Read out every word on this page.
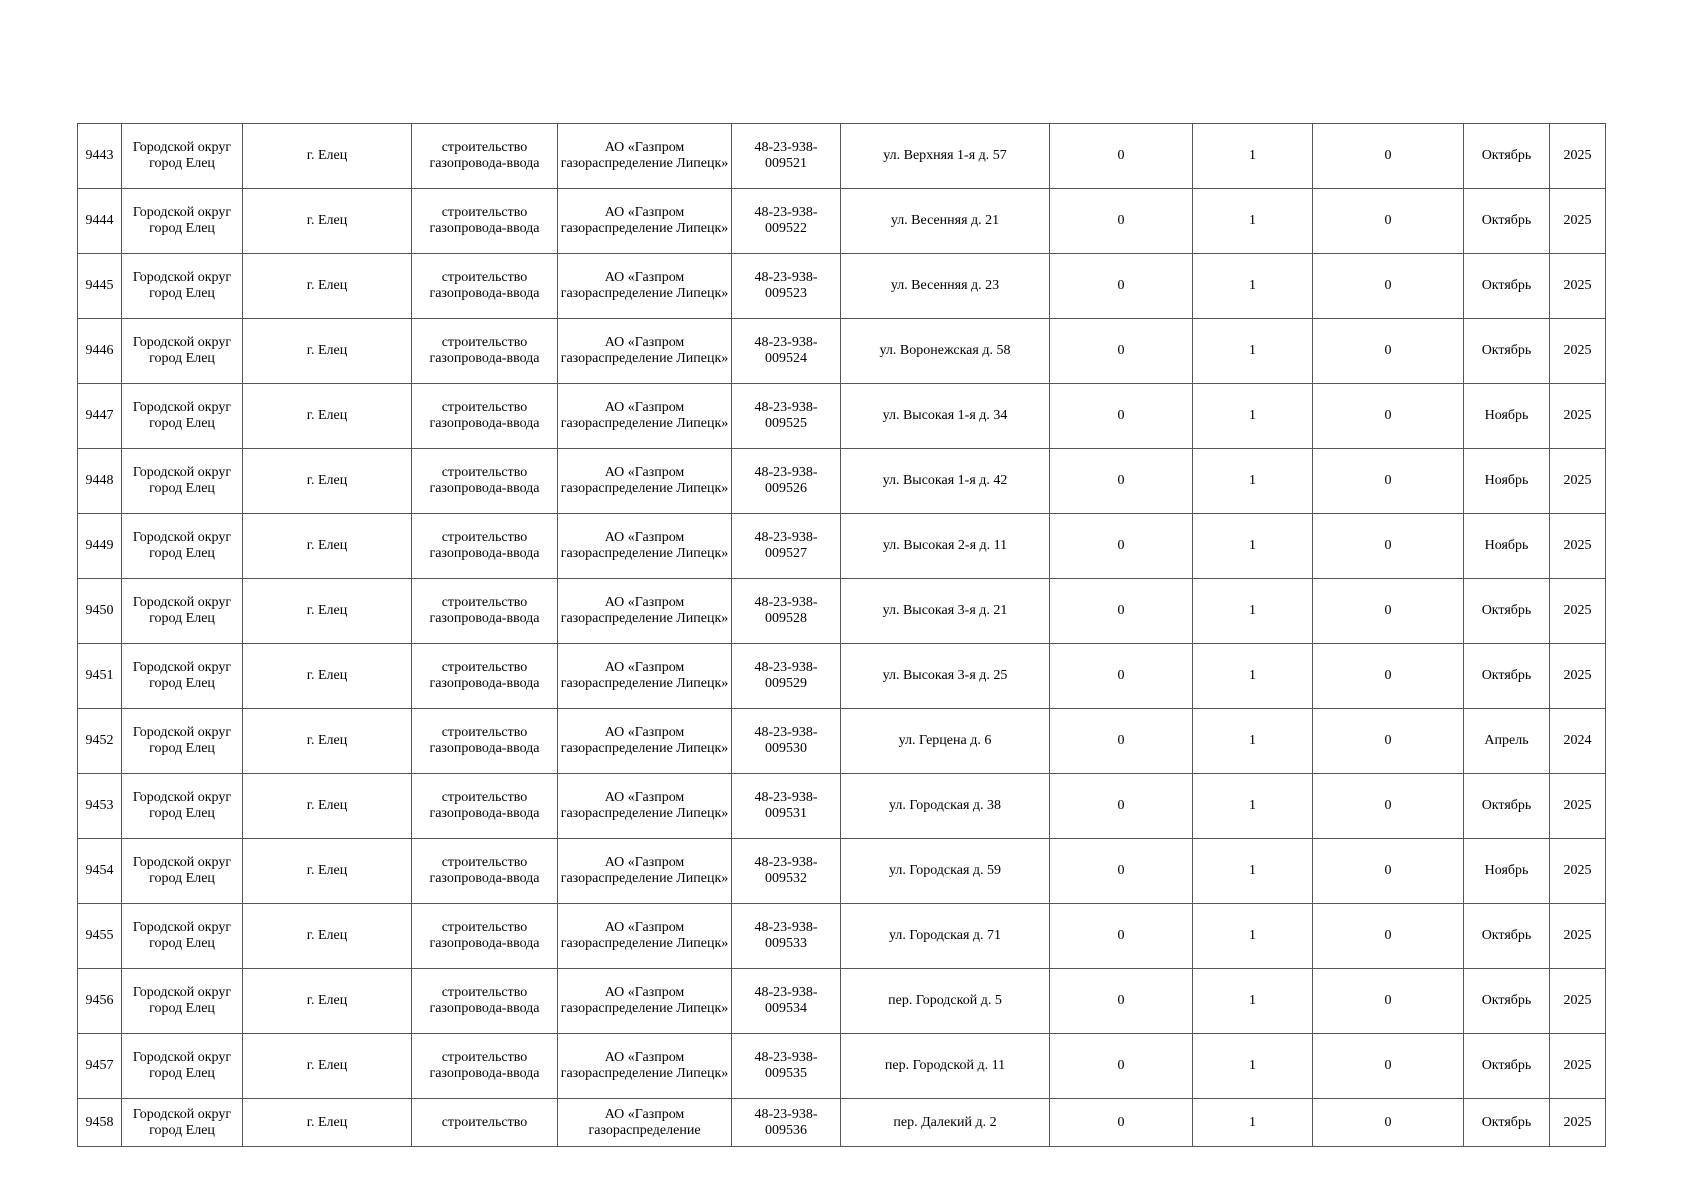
9443	Городской округ город Елец	г. Елец	строительство газопровода-ввода	АО «Газпром газораспределение Липецк»	48-23-938-009521	ул. Верхняя 1-я д. 57	0	1	0	Октябрь	2025

9444	Городской округ город Елец	г. Елец	строительство газопровода-ввода	АО «Газпром газораспределение Липецк»	48-23-938-009522	ул. Весенняя д. 21	0	1	0	Октябрь	2025

9445	Городской округ город Елец	г. Елец	строительство газопровода-ввода	АО «Газпром газораспределение Липецк»	48-23-938-009523	ул. Весенняя д. 23	0	1	0	Октябрь	2025

9446	Городской округ город Елец	г. Елец	строительство газопровода-ввода	АО «Газпром газораспределение Липецк»	48-23-938-009524	ул. Воронежская д. 58	0	1	0	Октябрь	2025

9447	Городской округ город Елец	г. Елец	строительство газопровода-ввода	АО «Газпром газораспределение Липецк»	48-23-938-009525	ул. Высокая 1-я д. 34	0	1	0	Ноябрь	2025

9448	Городской округ город Елец	г. Елец	строительство газопровода-ввода	АО «Газпром газораспределение Липецк»	48-23-938-009526	ул. Высокая 1-я д. 42	0	1	0	Ноябрь	2025

9449	Городской округ город Елец	г. Елец	строительство газопровода-ввода	АО «Газпром газораспределение Липецк»	48-23-938-009527	ул. Высокая 2-я д. 11	0	1	0	Ноябрь	2025

9450	Городской округ город Елец	г. Елец	строительство газопровода-ввода	АО «Газпром газораспределение Липецк»	48-23-938-009528	ул. Высокая 3-я д. 21	0	1	0	Октябрь	2025

9451	Городской округ город Елец	г. Елец	строительство газопровода-ввода	АО «Газпром газораспределение Липецк»	48-23-938-009529	ул. Высокая 3-я д. 25	0	1	0	Октябрь	2025

9452	Городской округ город Елец	г. Елец	строительство газопровода-ввода	АО «Газпром газораспределение Липецк»	48-23-938-009530	ул. Герцена д. 6	0	1	0	Апрель	2024

9453	Городской округ город Елец	г. Елец	строительство газопровода-ввода	АО «Газпром газораспределение Липецк»	48-23-938-009531	ул. Городская д. 38	0	1	0	Октябрь	2025

9454	Городской округ город Елец	г. Елец	строительство газопровода-ввода	АО «Газпром газораспределение Липецк»	48-23-938-009532	ул. Городская д. 59	0	1	0	Ноябрь	2025

9455	Городской округ город Елец	г. Елец	строительство газопровода-ввода	АО «Газпром газораспределение Липецк»	48-23-938-009533	ул. Городская д. 71	0	1	0	Октябрь	2025

9456	Городской округ город Елец	г. Елец	строительство газопровода-ввода	АО «Газпром газораспределение Липецк»	48-23-938-009534	пер. Городской д. 5	0	1	0	Октябрь	2025

9457	Городской округ город Елец	г. Елец	строительство газопровода-ввода	АО «Газпром газораспределение Липецк»	48-23-938-009535	пер. Городской д. 11	0	1	0	Октябрь	2025

9458	Городской округ город Елец	г. Елец	строительство	АО «Газпром газораспределение	48-23-938-009536	пер. Далекий д. 2	0	1	0	Октябрь	2025
